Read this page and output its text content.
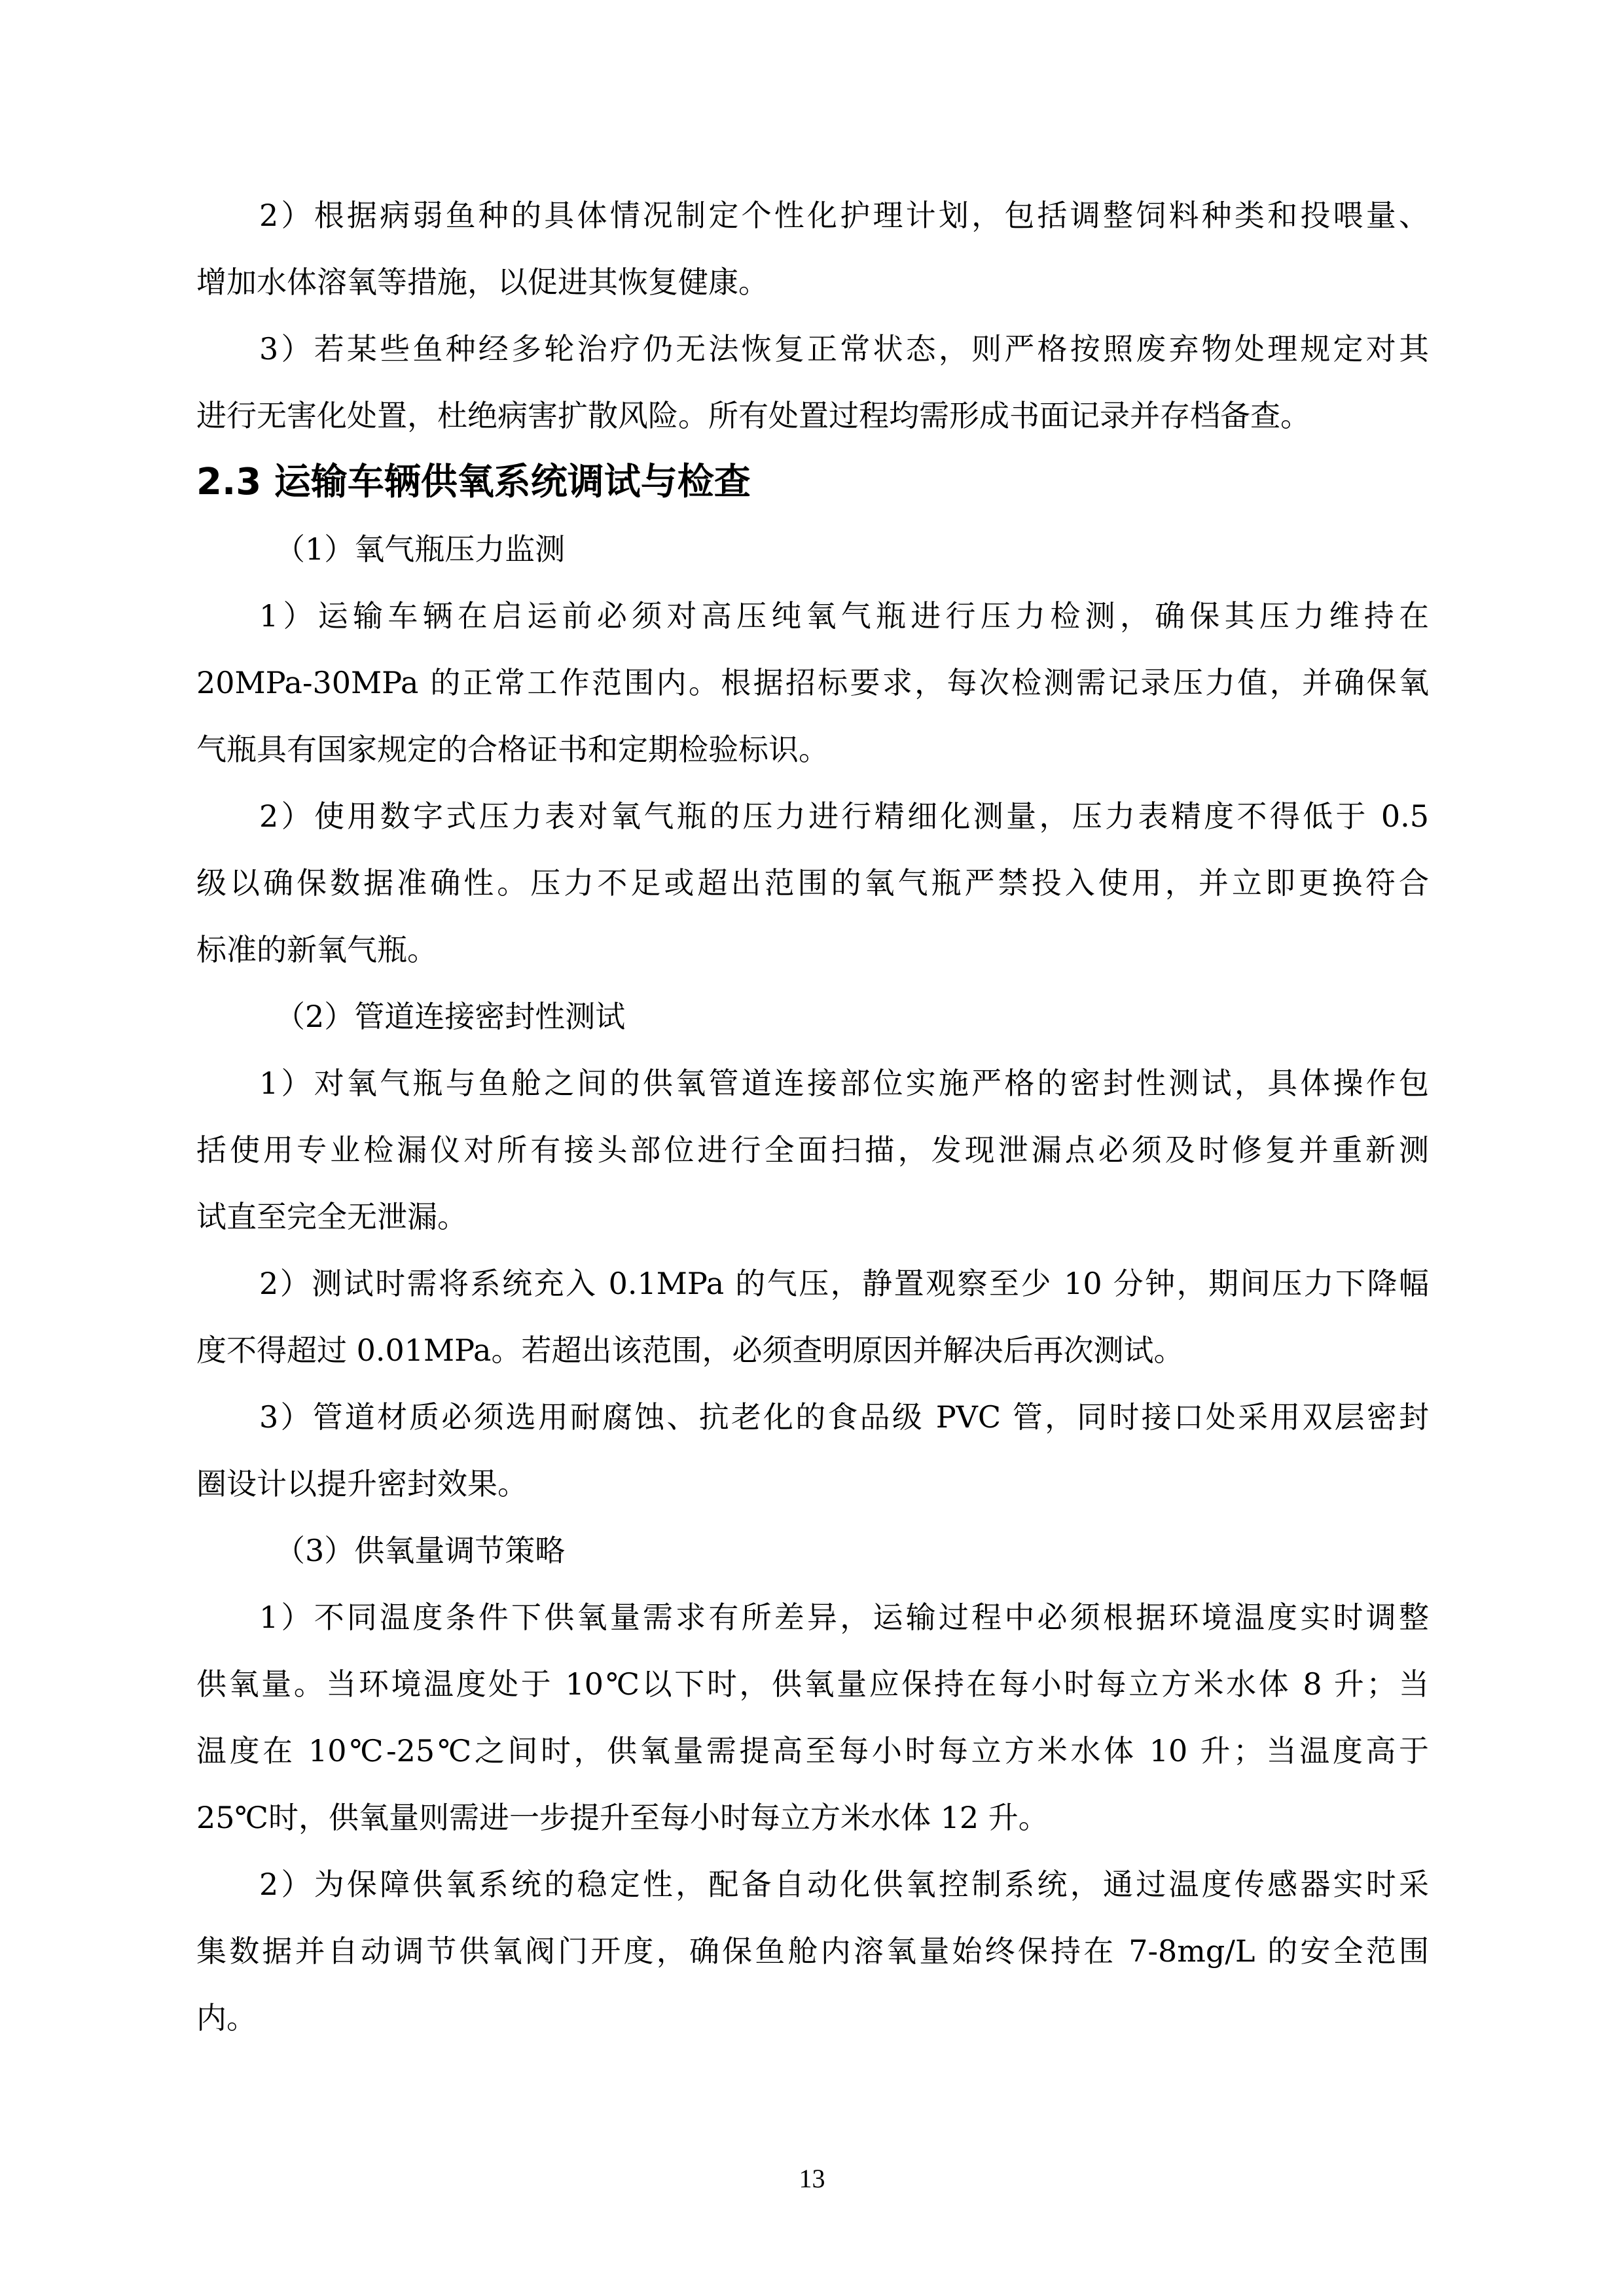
2）根据病弱鱼种的具体情况制定个性化护理计划，包括调整饲料种类和投喂量、
增加水体溶氧等措施，以促进其恢复健康。
3）若某些鱼种经多轮治疗仍无法恢复正常状态，则严格按照废弃物处理规定对其
进行无害化处置，杜绝病害扩散风险。所有处置过程均需形成书面记录并存档备查。
2.3 运输车辆供氧系统调试与检查
（1）氧气瓶压力监测
1）运输车辆在启运前必须对高压纯氧气瓶进行压力检测，确保其压力维持在
20MPa-30MPa 的正常工作范围内。根据招标要求，每次检测需记录压力值，并确保氧
气瓶具有国家规定的合格证书和定期检验标识。
2）使用数字式压力表对氧气瓶的压力进行精细化测量，压力表精度不得低于 0.5
级以确保数据准确性。压力不足或超出范围的氧气瓶严禁投入使用，并立即更换符合
标准的新氧气瓶。
（2）管道连接密封性测试
1）对氧气瓶与鱼舱之间的供氧管道连接部位实施严格的密封性测试，具体操作包
括使用专业检漏仪对所有接头部位进行全面扫描，发现泄漏点必须及时修复并重新测
试直至完全无泄漏。
2）测试时需将系统充入 0.1MPa 的气压，静置观察至少 10 分钟，期间压力下降幅
度不得超过 0.01MPa。若超出该范围，必须查明原因并解决后再次测试。
3）管道材质必须选用耐腐蚀、抗老化的食品级 PVC 管，同时接口处采用双层密封
圈设计以提升密封效果。
（3）供氧量调节策略
1）不同温度条件下供氧量需求有所差异，运输过程中必须根据环境温度实时调整
供氧量。当环境温度处于 10℃以下时，供氧量应保持在每小时每立方米水体 8 升；当
温度在 10℃-25℃之间时，供氧量需提高至每小时每立方米水体 10 升；当温度高于
25℃时，供氧量则需进一步提升至每小时每立方米水体 12 升。
2）为保障供氧系统的稳定性，配备自动化供氧控制系统，通过温度传感器实时采
集数据并自动调节供氧阀门开度，确保鱼舱内溶氧量始终保持在 7-8mg/L 的安全范围
内。
13
